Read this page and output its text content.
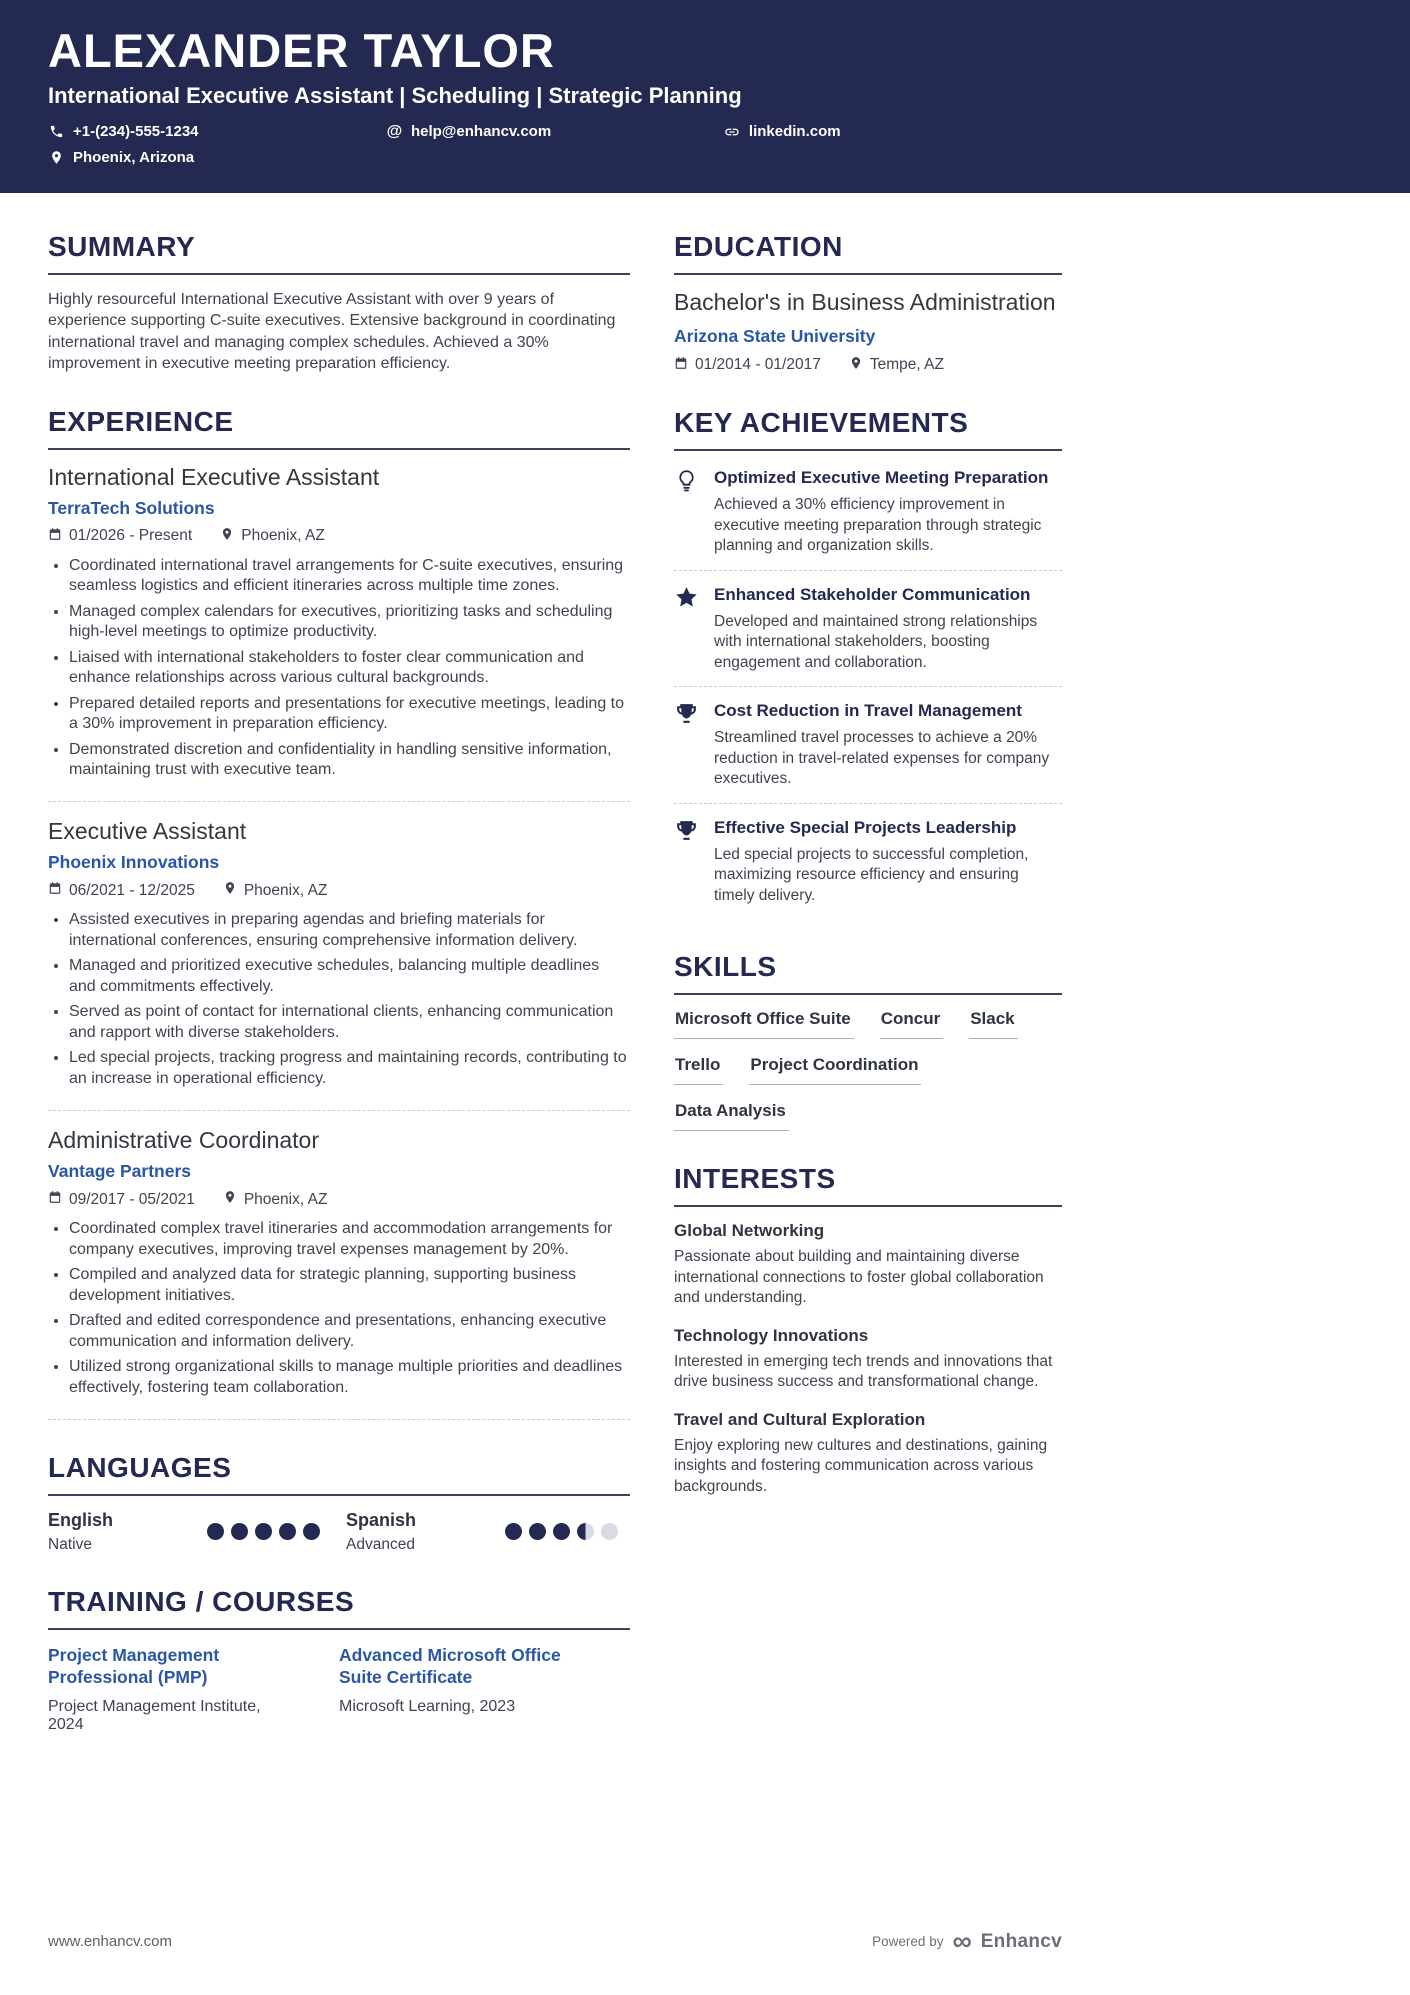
ALEXANDER TAYLOR
International Executive Assistant | Scheduling | Strategic Planning
+1-(234)-555-1234	@ help@enhancv.com	linkedin.com
Phoenix, Arizona
SUMMARY

Highly resourceful International Executive Assistant with over 9 years of experience supporting C-suite executives. Extensive background in coordinating international travel and managing complex schedules. Achieved a 30% improvement in executive meeting preparation efficiency.

EXPERIENCE
International Executive Assistant
TerraTech Solutions
01/2026 - Present	Phoenix, AZ
• Coordinated international travel arrangements for C-suite executives, ensuring seamless logistics and efficient itineraries across multiple time zones.
• Managed complex calendars for executives, prioritizing tasks and scheduling high-level meetings to optimize productivity.
• Liaised with international stakeholders to foster clear communication and enhance relationships across various cultural backgrounds.
• Prepared detailed reports and presentations for executive meetings, leading to a 30% improvement in preparation efficiency.
• Demonstrated discretion and confidentiality in handling sensitive information, maintaining trust with executive team.
Executive Assistant
Phoenix Innovations
06/2021 - 12/2025	Phoenix, AZ
• Assisted executives in preparing agendas and briefing materials for international conferences, ensuring comprehensive information delivery.
• Managed and prioritized executive schedules, balancing multiple deadlines and commitments effectively.
• Served as point of contact for international clients, enhancing communication and rapport with diverse stakeholders.
• Led special projects, tracking progress and maintaining records, contributing to an increase in operational efficiency.
Administrative Coordinator
Vantage Partners
09/2017 - 05/2021	Phoenix, AZ
• Coordinated complex travel itineraries and accommodation arrangements for company executives, improving travel expenses management by 20%.
• Compiled and analyzed data for strategic planning, supporting business development initiatives.
• Drafted and edited correspondence and presentations, enhancing executive communication and information delivery.
• Utilized strong organizational skills to manage multiple priorities and deadlines effectively, fostering team collaboration.
LANGUAGES
English
Native
Spanish
Advanced
TRAINING / COURSES
Project Management Professional (PMP)
Project Management Institute, 2024
Advanced Microsoft Office Suite Certificate
Microsoft Learning, 2023
EDUCATION
Bachelor's in Business Administration
Arizona State University
01/2014 - 01/2017	Tempe, AZ
KEY ACHIEVEMENTS
Optimized Executive Meeting Preparation

Achieved a 30% efficiency improvement in executive meeting preparation through strategic planning and organization skills.

Enhanced Stakeholder Communication

Developed and maintained strong relationships with international stakeholders, boosting engagement and collaboration.

Cost Reduction in Travel Management

Streamlined travel processes to achieve a 20% reduction in travel-related expenses for company executives.

Effective Special Projects Leadership

Led special projects to successful completion, maximizing resource efficiency and ensuring timely delivery.

SKILLS
Microsoft Office Suite Concur Slack
Trello Project Coordination
Data Analysis
INTERESTS
Global Networking

Passionate about building and maintaining diverse international connections to foster global collaboration and understanding.

Technology Innovations

Interested in emerging tech trends and innovations that drive business success and transformational change.

Travel and Cultural Exploration

Enjoy exploring new cultures and destinations, gaining insights and fostering communication across various backgrounds.

www.enhancv.com	Powered by ∞ Enhancv
